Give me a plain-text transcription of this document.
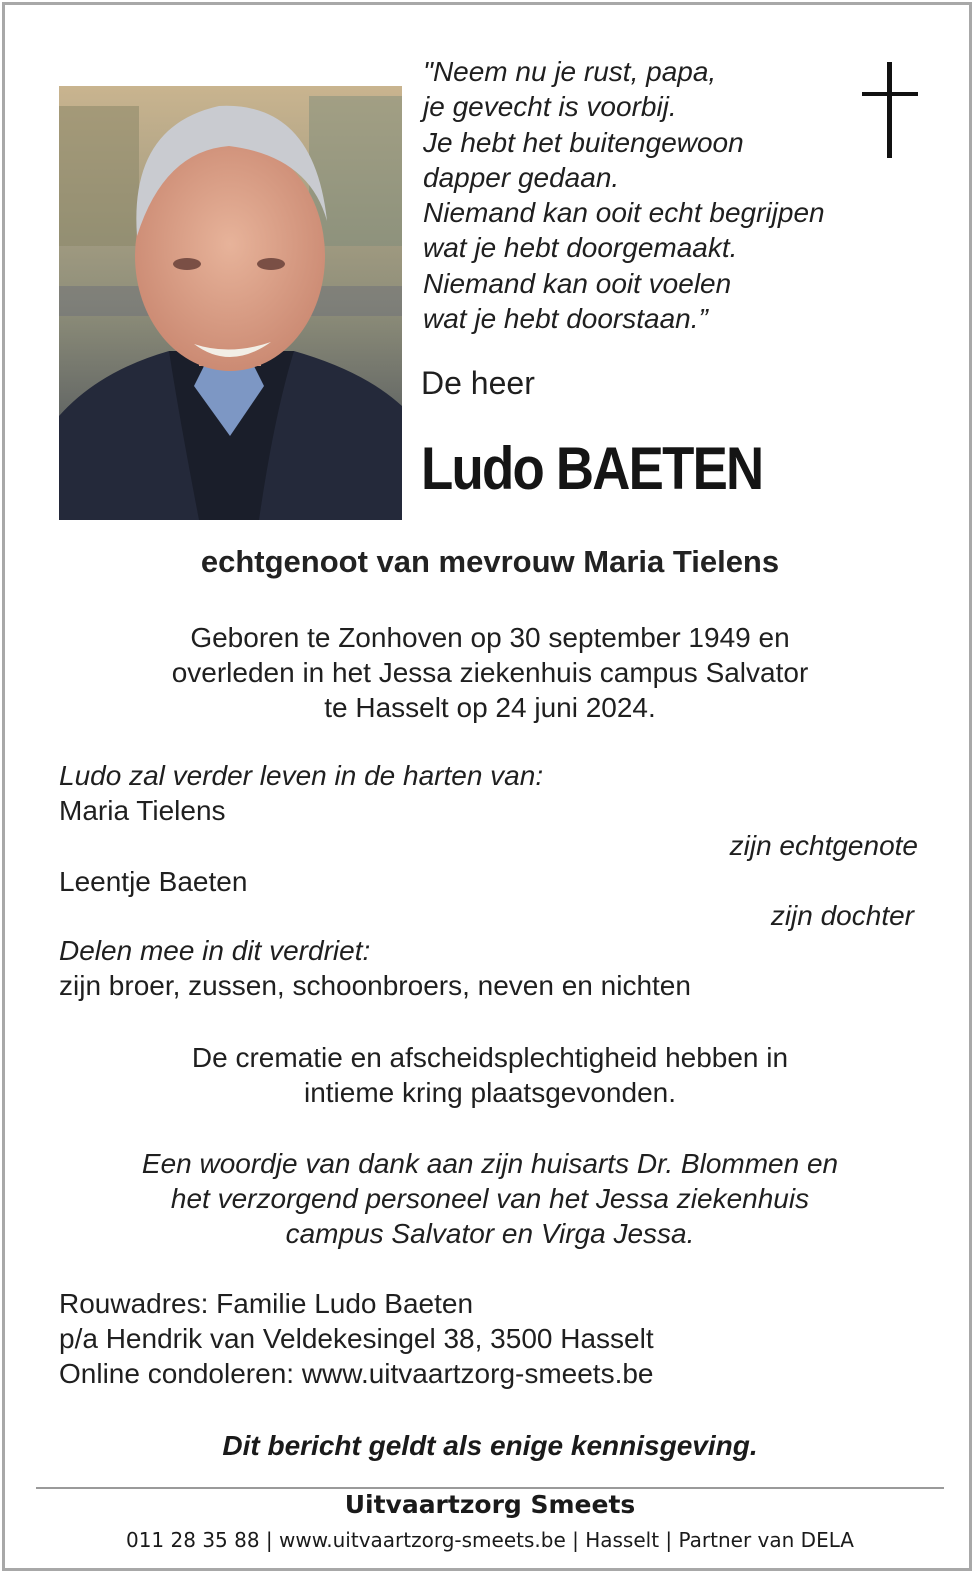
"Neem nu je rust, papa,
je gevecht is voorbij.
Je hebt het buitengewoon
dapper gedaan.
Niemand kan ooit echt begrijpen
wat je hebt doorgemaakt.
Niemand kan ooit voelen
wat je hebt doorstaan.”
De heer
Ludo BAETEN
echtgenoot van mevrouw Maria Tielens
Geboren te Zonhoven op 30 september 1949 en
overleden in het Jessa ziekenhuis campus Salvator
te Hasselt op 24 juni 2024.
Ludo zal verder leven in de harten van:
Maria Tielens
zijn echtgenote
Leentje Baeten
zijn dochter
Delen mee in dit verdriet:
zijn broer, zussen, schoonbroers, neven en nichten
De crematie en afscheidsplechtigheid hebben in
intieme kring plaatsgevonden.
Een woordje van dank aan zijn huisarts Dr. Blommen en
het verzorgend personeel van het Jessa ziekenhuis
campus Salvator en Virga Jessa.
Rouwadres: Familie Ludo Baeten
p/a Hendrik van Veldekesingel 38, 3500 Hasselt
Online condoleren: www.uitvaartzorg-smeets.be
Dit bericht geldt als enige kennisgeving.
Uitvaartzorg Smeets
011 28 35 88 | www.uitvaartzorg-smeets.be | Hasselt | Partner van DELA
